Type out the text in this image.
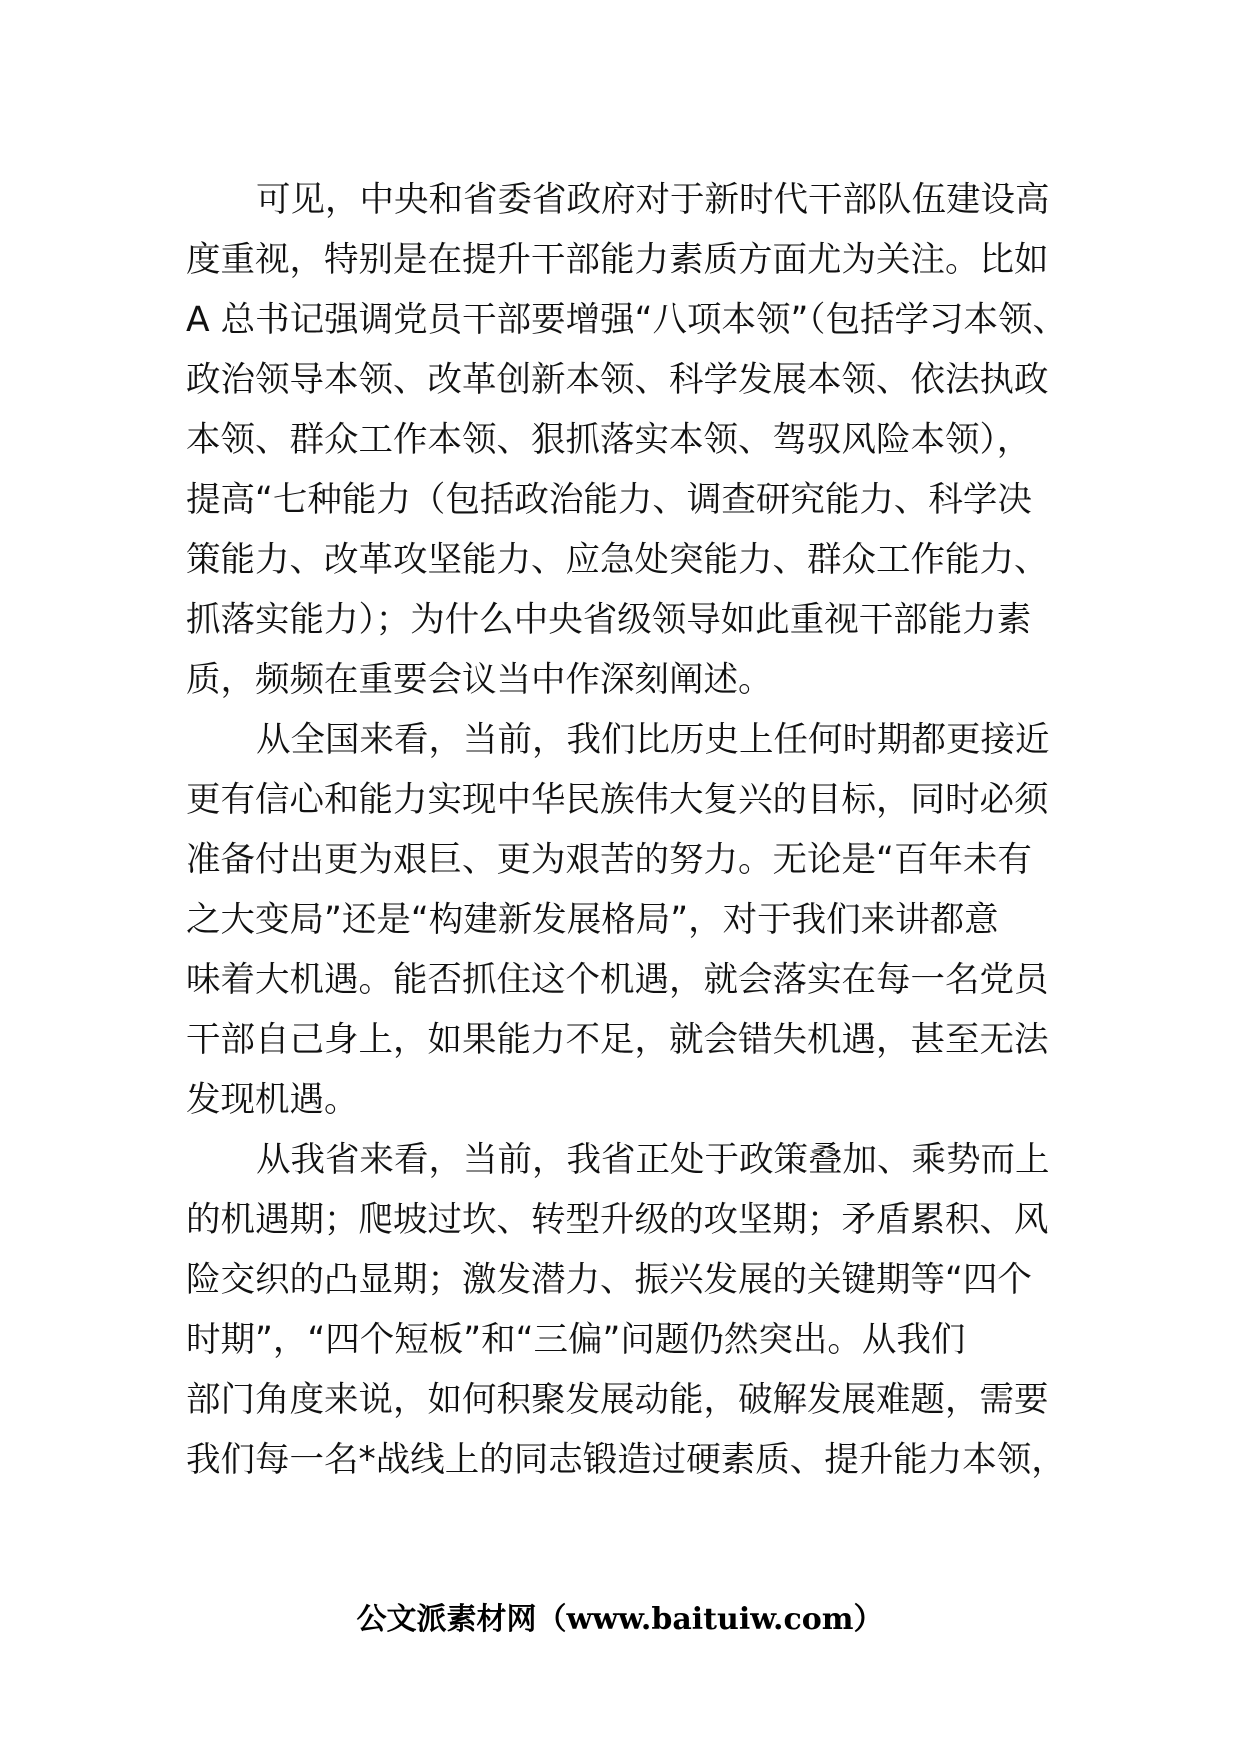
可见，中央和省委省政府对于新时代干部队伍建设高
度重视，特别是在提升干部能力素质方面尤为关注。比如
A 总书记强调党员干部要增强“八项本领”（包括学习本领、
政治领导本领、改革创新本领、科学发展本领、依法执政
本领、群众工作本领、狠抓落实本领、驾驭风险本领），
提高“七种能力（包括政治能力、调查研究能力、科学决
策能力、改革攻坚能力、应急处突能力、群众工作能力、
抓落实能力）；为什么中央省级领导如此重视干部能力素
质，频频在重要会议当中作深刻阐述。
从全国来看，当前，我们比历史上任何时期都更接近
更有信心和能力实现中华民族伟大复兴的目标，同时必须
准备付出更为艰巨、更为艰苦的努力。无论是“百年未有
之大变局”还是“构建新发展格局”，对于我们来讲都意
味着大机遇。能否抓住这个机遇，就会落实在每一名党员
干部自己身上，如果能力不足，就会错失机遇，甚至无法
发现机遇。
从我省来看，当前，我省正处于政策叠加、乘势而上
的机遇期；爬坡过坎、转型升级的攻坚期；矛盾累积、风
险交织的凸显期；激发潜力、振兴发展的关键期等“四个
时期”，“四个短板”和“三偏”问题仍然突出。从我们
部门角度来说，如何积聚发展动能，破解发展难题，需要
我们每一名*战线上的同志锻造过硬素质、提升能力本领，
公文派素材网（www.baituiw.com）
